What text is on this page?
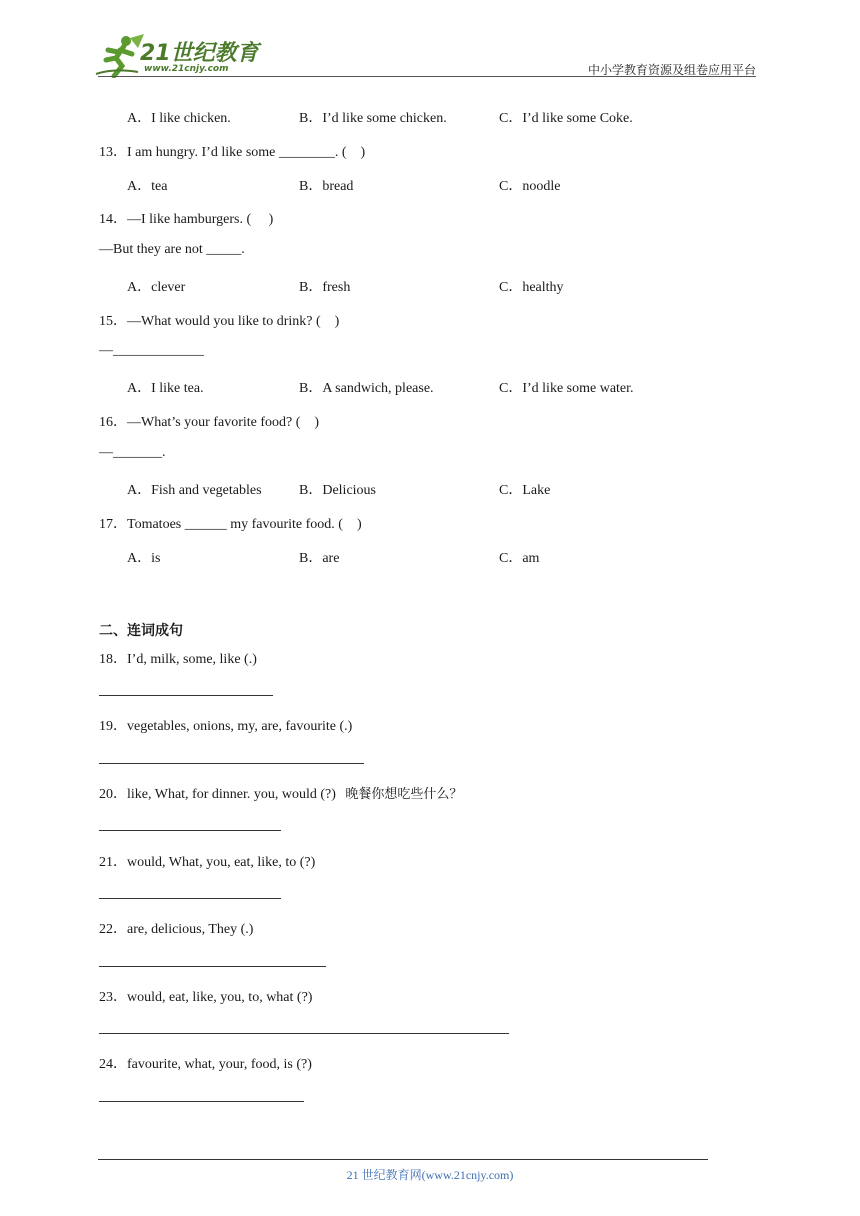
21世纪教育
www.21cnjy.com	中小学教育资源及组卷应用平台
A．I like chicken.	B．I’d like some chicken.	C．I’d like some Coke.
13．I am hungry. I’d like some ________. (　)
A．tea	B．bread	C．noodle
14．—I like hamburgers. (　 )
—But they are not _____.
A．clever	B．fresh	C．healthy
15．—What would you like to drink? (　)
—_____________
A．I like tea.	B．A sandwich, please.	C．I’d like some water.
16．—What’s your favorite food? (　)
—_______.
A．Fish and vegetables	B．Delicious	C．Lake
17．Tomatoes ______ my favourite food. (　)
A．is	B．are	C．am
二、连词成句
18．I’d, milk, some, like (.)
19．vegetables, onions, my, are, favourite (.)
20．like, What, for dinner. you, would (?) 晚餐你想吃些什么？
21．would, What, you, eat, like, to (?)
22．are, delicious, They (.)
23．would, eat, like, you, to, what (?)
24．favourite, what, your, food, is (?)
21 世纪教育网(www.21cnjy.com)
